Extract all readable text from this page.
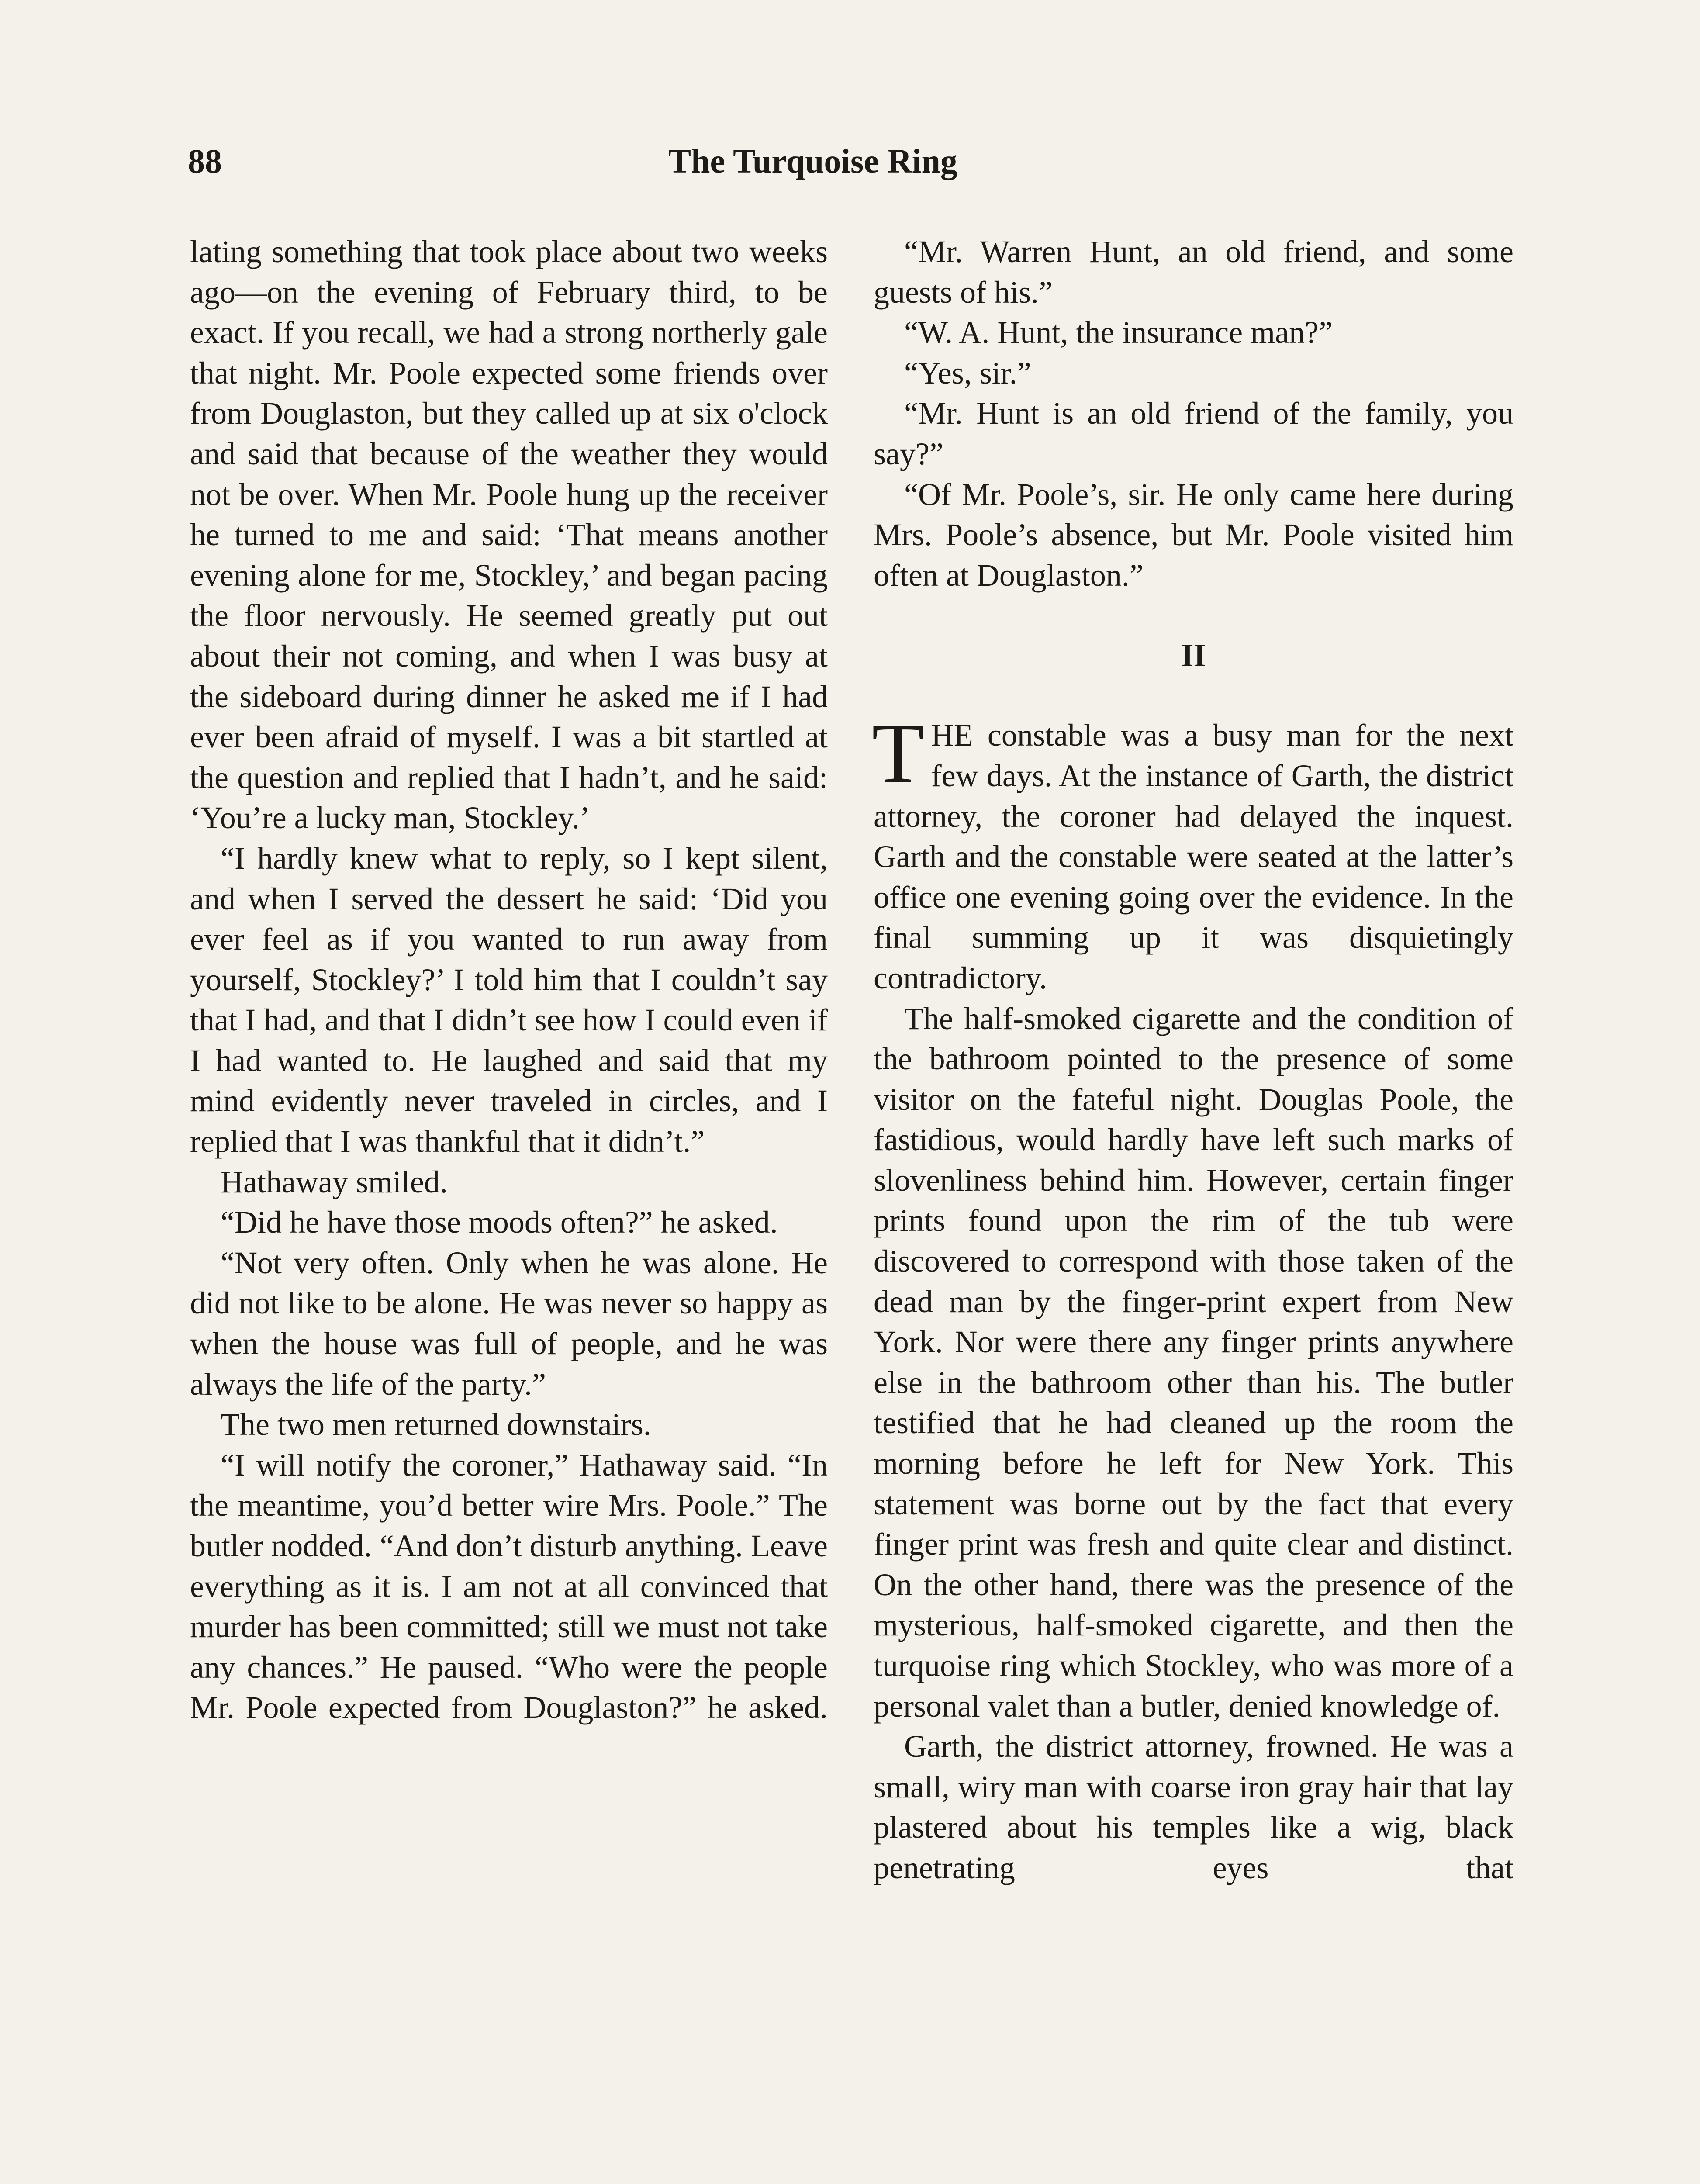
88	The Turquoise Ring

lating something that took place about two weeks ago—on the evening of February third, to be exact. If you recall, we had a strong northerly gale that night. Mr. Poole expected some friends over from Douglaston, but they called up at six o'clock and said that because of the weather they would not be over. When Mr. Poole hung up the receiver he turned to me and said: ‘That means another evening alone for me, Stockley,’ and began pacing the floor nervously. He seemed greatly put out about their not coming, and when I was busy at the sideboard during dinner he asked me if I had ever been afraid of myself. I was a bit startled at the question and replied that I hadn’t, and he said: ‘You’re a lucky man, Stockley.’

“I hardly knew what to reply, so I kept silent, and when I served the dessert he said: ‘Did you ever feel as if you wanted to run away from yourself, Stockley?’ I told him that I couldn’t say that I had, and that I didn’t see how I could even if I had wanted to. He laughed and said that my mind evidently never traveled in circles, and I replied that I was thankful that it didn’t.”

Hathaway smiled.

“Did he have those moods often?” he asked.

“Not very often. Only when he was alone. He did not like to be alone. He was never so happy as when the house was full of people, and he was always the life of the party.”

The two men returned downstairs.

“I will notify the coroner,” Hathaway said. “In the meantime, you’d better wire Mrs. Poole.” The butler nodded. “And don’t disturb anything. Leave everything as it is. I am not at all convinced that murder has been committed; still we must not take any chances.” He paused. “Who were the people Mr. Poole expected from Douglaston?” he asked.

“Mr. Warren Hunt, an old friend, and some guests of his.”

“W. A. Hunt, the insurance man?”

“Yes, sir.”

“Mr. Hunt is an old friend of the family, you say?”

“Of Mr. Poole’s, sir. He only came here during Mrs. Poole’s absence, but Mr. Poole visited him often at Douglaston.”

II

THE constable was a busy man for the next few days. At the instance of Garth, the district attorney, the coroner had delayed the inquest. Garth and the constable were seated at the latter’s office one evening going over the evidence. In the final summing up it was disquietingly contradictory.

The half-smoked cigarette and the condition of the bathroom pointed to the presence of some visitor on the fateful night. Douglas Poole, the fastidious, would hardly have left such marks of slovenliness behind him. However, certain finger prints found upon the rim of the tub were discovered to correspond with those taken of the dead man by the finger-print expert from New York. Nor were there any finger prints anywhere else in the bathroom other than his. The butler testified that he had cleaned up the room the morning before he left for New York. This statement was borne out by the fact that every finger print was fresh and quite clear and distinct. On the other hand, there was the presence of the mysterious, half-smoked cigarette, and then the turquoise ring which Stockley, who was more of a personal valet than a butler, denied knowledge of.

Garth, the district attorney, frowned. He was a small, wiry man with coarse iron gray hair that lay plastered about his temples like a wig, black penetrating eyes that
